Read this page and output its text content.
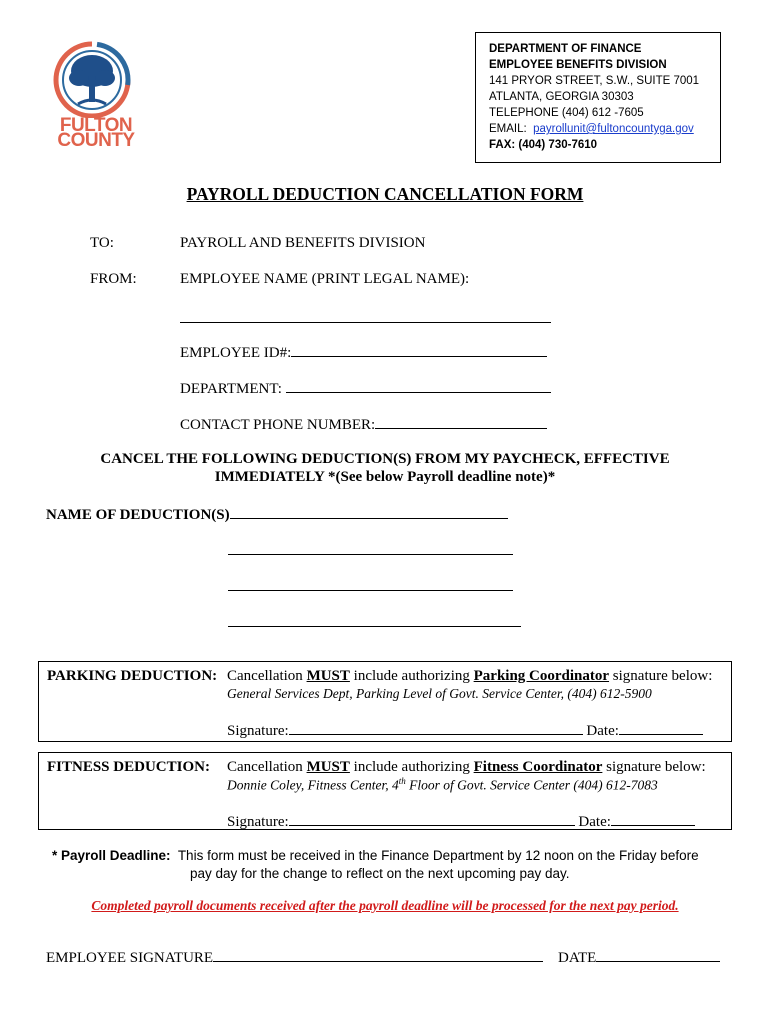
FULTON
COUNTY
DEPARTMENT OF FINANCE
EMPLOYEE BENEFITS DIVISION
141 PRYOR STREET, S.W., SUITE 7001
ATLANTA, GEORGIA 30303
TELEPHONE (404) 612 -7605
EMAIL: payrollunit@fultoncountyga.gov
FAX: (404) 730-7610
PAYROLL DEDUCTION CANCELLATION FORM
TO:	PAYROLL AND BENEFITS DIVISION
FROM:	EMPLOYEE NAME (PRINT LEGAL NAME):
EMPLOYEE ID#:
DEPARTMENT:
CONTACT PHONE NUMBER:
CANCEL THE FOLLOWING DEDUCTION(S) FROM MY PAYCHECK, EFFECTIVE
IMMEDIATELY *(See below Payroll deadline note)*
NAME OF DEDUCTION(S)
PARKING DEDUCTION: Cancellation MUST include authorizing Parking Coordinator signature below:
General Services Dept, Parking Level of Govt. Service Center, (404) 612-5900
Signature:	Date:
FITNESS DEDUCTION: Cancellation MUST include authorizing Fitness Coordinator signature below:
Donnie Coley, Fitness Center, 4th Floor of Govt. Service Center (404) 612-7083
Signature:	Date:
* Payroll Deadline: This form must be received in the Finance Department by 12 noon on the Friday before
pay day for the change to reflect on the next upcoming pay day.
Completed payroll documents received after the payroll deadline will be processed for the next pay period.
EMPLOYEE SIGNATURE	DATE
